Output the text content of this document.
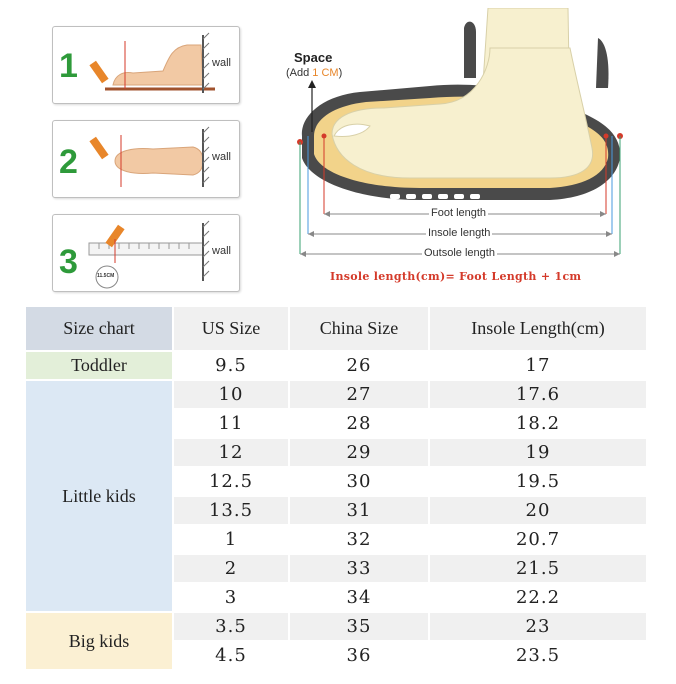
1	wall
2	wall
3	11.5CM
wall
Space
(Add 1 CM)
Foot length
Insole length
Outsole length
Insole length(cm)= Foot Length + 1cm
Size chart	US Size	China Size	Insole Length(cm)
Toddler	9.5	26	17
Little kids	10	27	17.6
	11	28	18.2
	12	29	19
	12.5	30	19.5
	13.5	31	20
	1	32	20.7
	2	33	21.5
	3	34	22.2
Big kids	3.5	35	23
	4.5	36	23.5
